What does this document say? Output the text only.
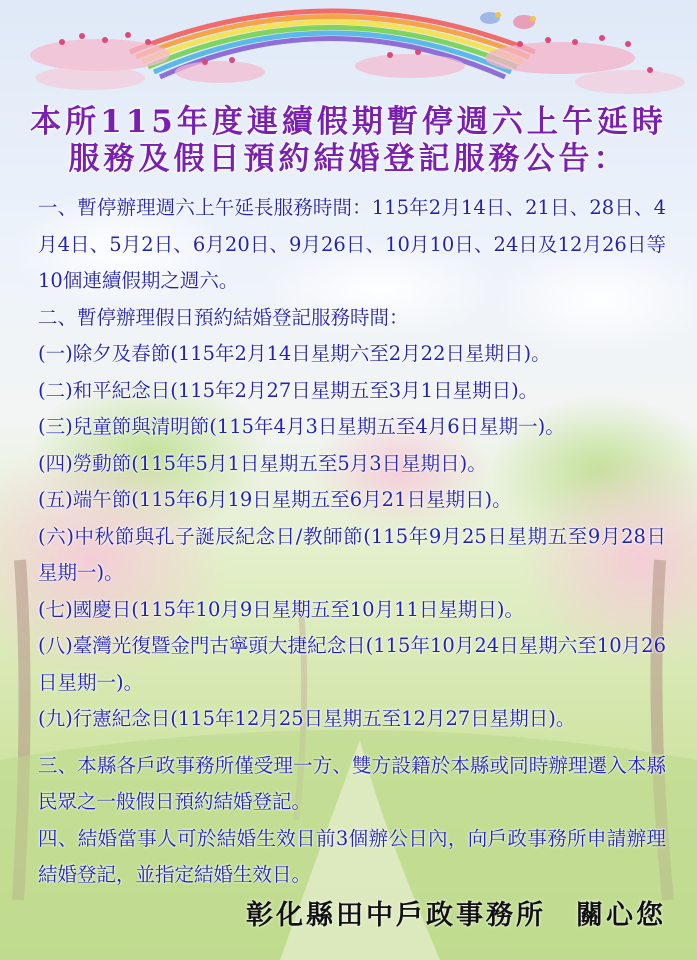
本所115年度連續假期暫停週六上午延時
服務及假日預約結婚登記服務公告：

一、暫停辦理週六上午延長服務時間：115年2月14日、21日、28日、4月4日、5月2日、6月20日、9月26日、10月10日、24日及12月26日等10個連續假期之週六。

二、暫停辦理假日預約結婚登記服務時間：

(一)除夕及春節(115年2月14日星期六至2月22日星期日)。

(二)和平紀念日(115年2月27日星期五至3月1日星期日)。

(三)兒童節與清明節(115年4月3日星期五至4月6日星期一)。

(四)勞動節(115年5月1日星期五至5月3日星期日)。

(五)端午節(115年6月19日星期五至6月21日星期日)。

(六)中秋節與孔子誕辰紀念日/教師節(115年9月25日星期五至9月28日星期一)。

(七)國慶日(115年10月9日星期五至10月11日星期日)。

(八)臺灣光復暨金門古寧頭大捷紀念日(115年10月24日星期六至10月26日星期一)。

(九)行憲紀念日(115年12月25日星期五至12月27日星期日)。

三、本縣各戶政事務所僅受理一方、雙方設籍於本縣或同時辦理遷入本縣民眾之一般假日預約結婚登記。

四、結婚當事人可於結婚生效日前3個辦公日內，向戶政事務所申請辦理結婚登記，並指定結婚生效日。

彰化縣田中戶政事務所　關心您
